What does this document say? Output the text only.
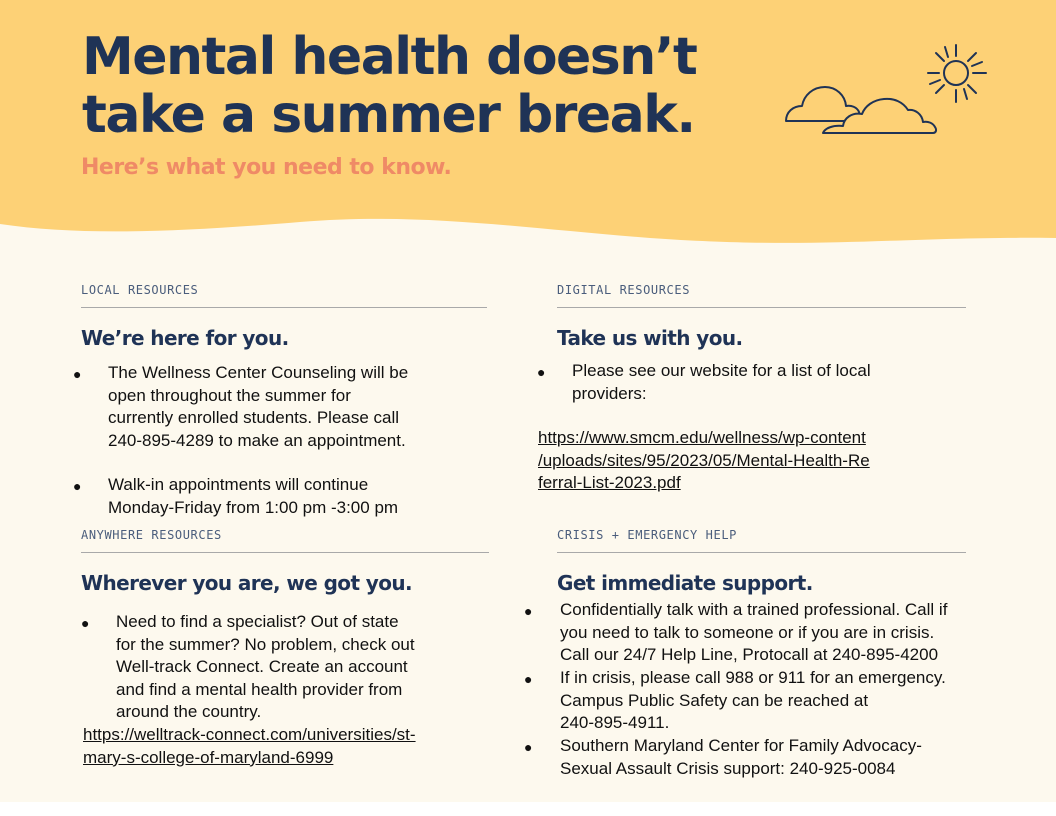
Mental health doesn’t
take a summer break.
Here’s what you need to know.
LOCAL RESOURCES
We’re here for you.
● The Wellness Center Counseling will be
open throughout the summer for
currently enrolled students. Please call
240-895-4289 to make an appointment.
● Walk-in appointments will continue
Monday-Friday from 1:00 pm -3:00 pm
DIGITAL RESOURCES
Take us with you.
● Please see our website for a list of local
providers:
https://www.smcm.edu/wellness/wp-content
/uploads/sites/95/2023/05/Mental-Health-Re
ferral-List-2023.pdf
ANYWHERE RESOURCES
Wherever you are, we got you.
● Need to find a specialist? Out of state
for the summer? No problem, check out
Well-track Connect. Create an account
and find a mental health provider from
around the country.
https://welltrack-connect.com/universities/st-
mary-s-college-of-maryland-6999
CRISIS + EMERGENCY HELP
Get immediate support.
● Confidentially talk with a trained professional. Call if
you need to talk to someone or if you are in crisis.
Call our 24/7 Help Line, Protocall at 240-895-4200
● If in crisis, please call 988 or 911 for an emergency.
Campus Public Safety can be reached at
240-895-4911.
● Southern Maryland Center for Family Advocacy-
Sexual Assault Crisis support: 240-925-0084
